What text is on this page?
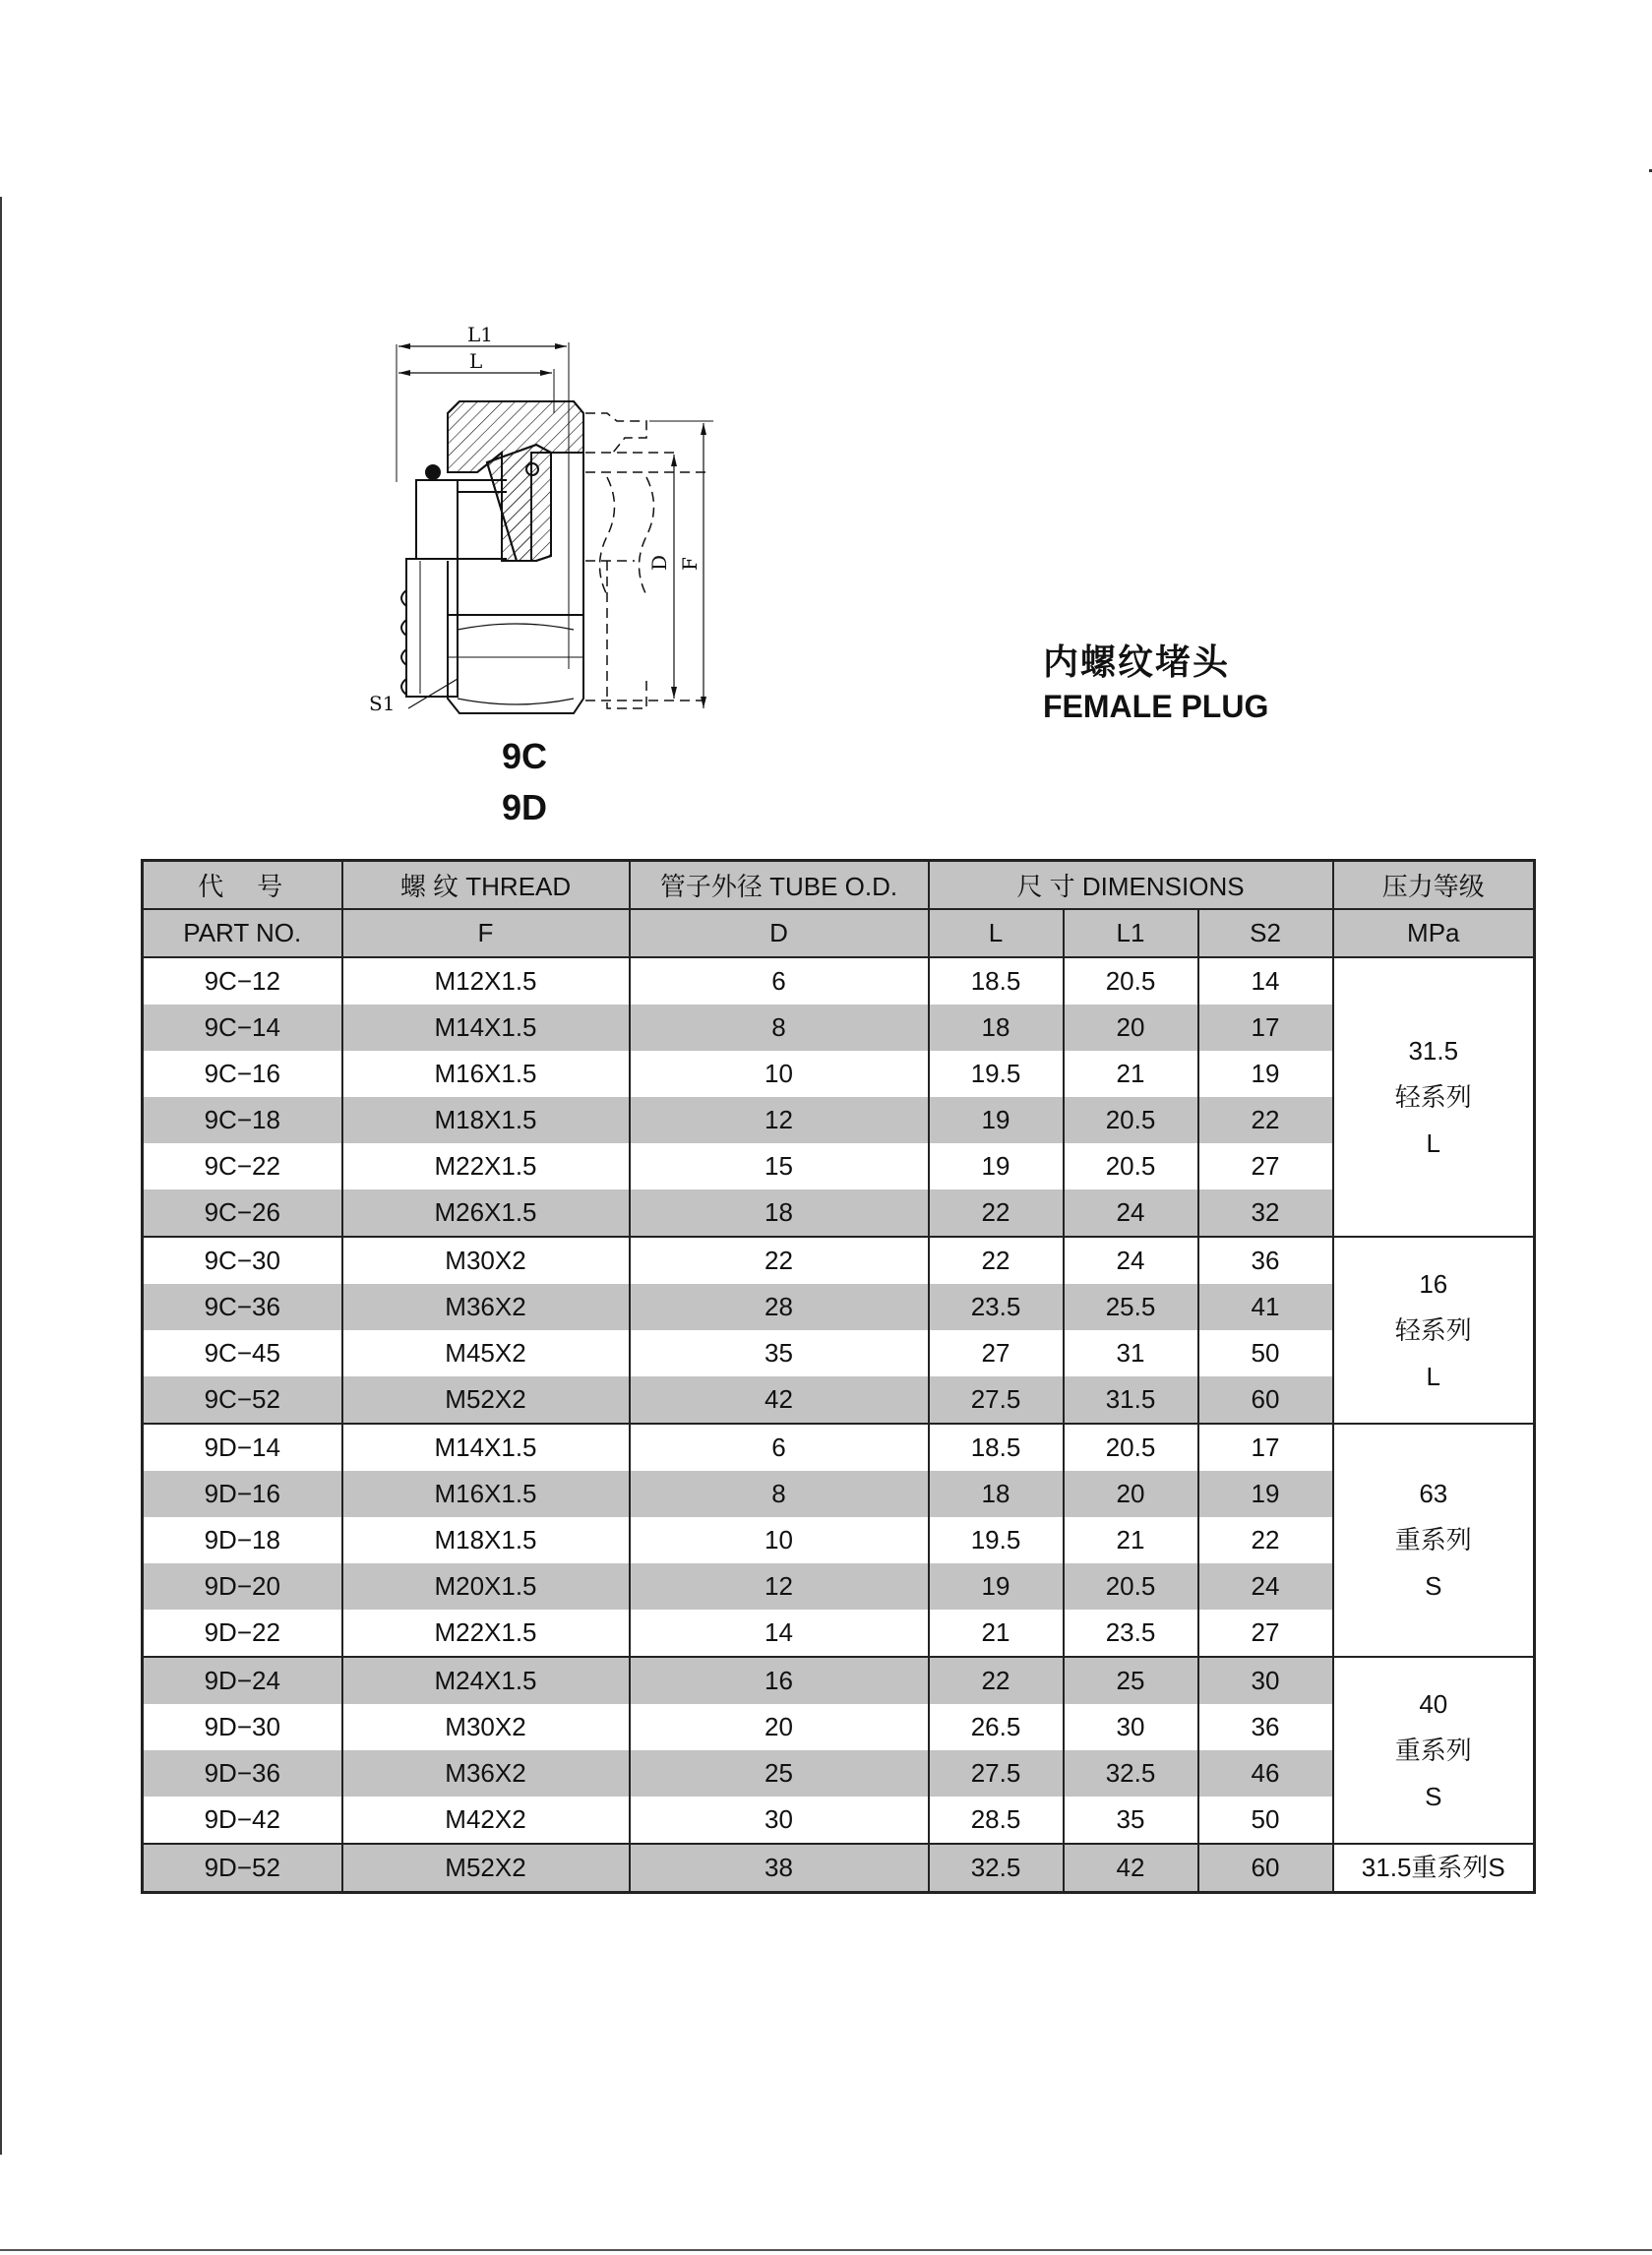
L1
L
D F
S1
9C
9D
内螺纹堵头
FEMALE PLUG
代　号	螺 纹 THREAD	管子外径 TUBE O.D.	尺 寸 DIMENSIONS			压力等级
PART NO.	F	D	L	L1	S2	MPa
9C−12	M12X1.5	6	18.5	20.5	14	31.5
轻系列
L

9C−14	M14X1.5	8	18	20	17	
9C−16	M16X1.5	10	19.5	21	19	
9C−18	M18X1.5	12	19	20.5	22	
9C−22	M22X1.5	15	19	20.5	27	
9C−26	M26X1.5	18	22	24	32	
9C−30	M30X2	22	22	24	36	16
轻系列
L

9C−36	M36X2	28	23.5	25.5	41	
9C−45	M45X2	35	27	31	50	
9C−52	M52X2	42	27.5	31.5	60	
9D−14	M14X1.5	6	18.5	20.5	17	63
重系列
S

9D−16	M16X1.5	8	18	20	19	
9D−18	M18X1.5	10	19.5	21	22	
9D−20	M20X1.5	12	19	20.5	24	
9D−22	M22X1.5	14	21	23.5	27	
9D−24	M24X1.5	16	22	25	30	40
重系列
S

9D−30	M30X2	20	26.5	30	36	
9D−36	M36X2	25	27.5	32.5	46	
9D−42	M42X2	30	28.5	35	50	
9D−52	M52X2	38	32.5	42	60	31.5重系列S
